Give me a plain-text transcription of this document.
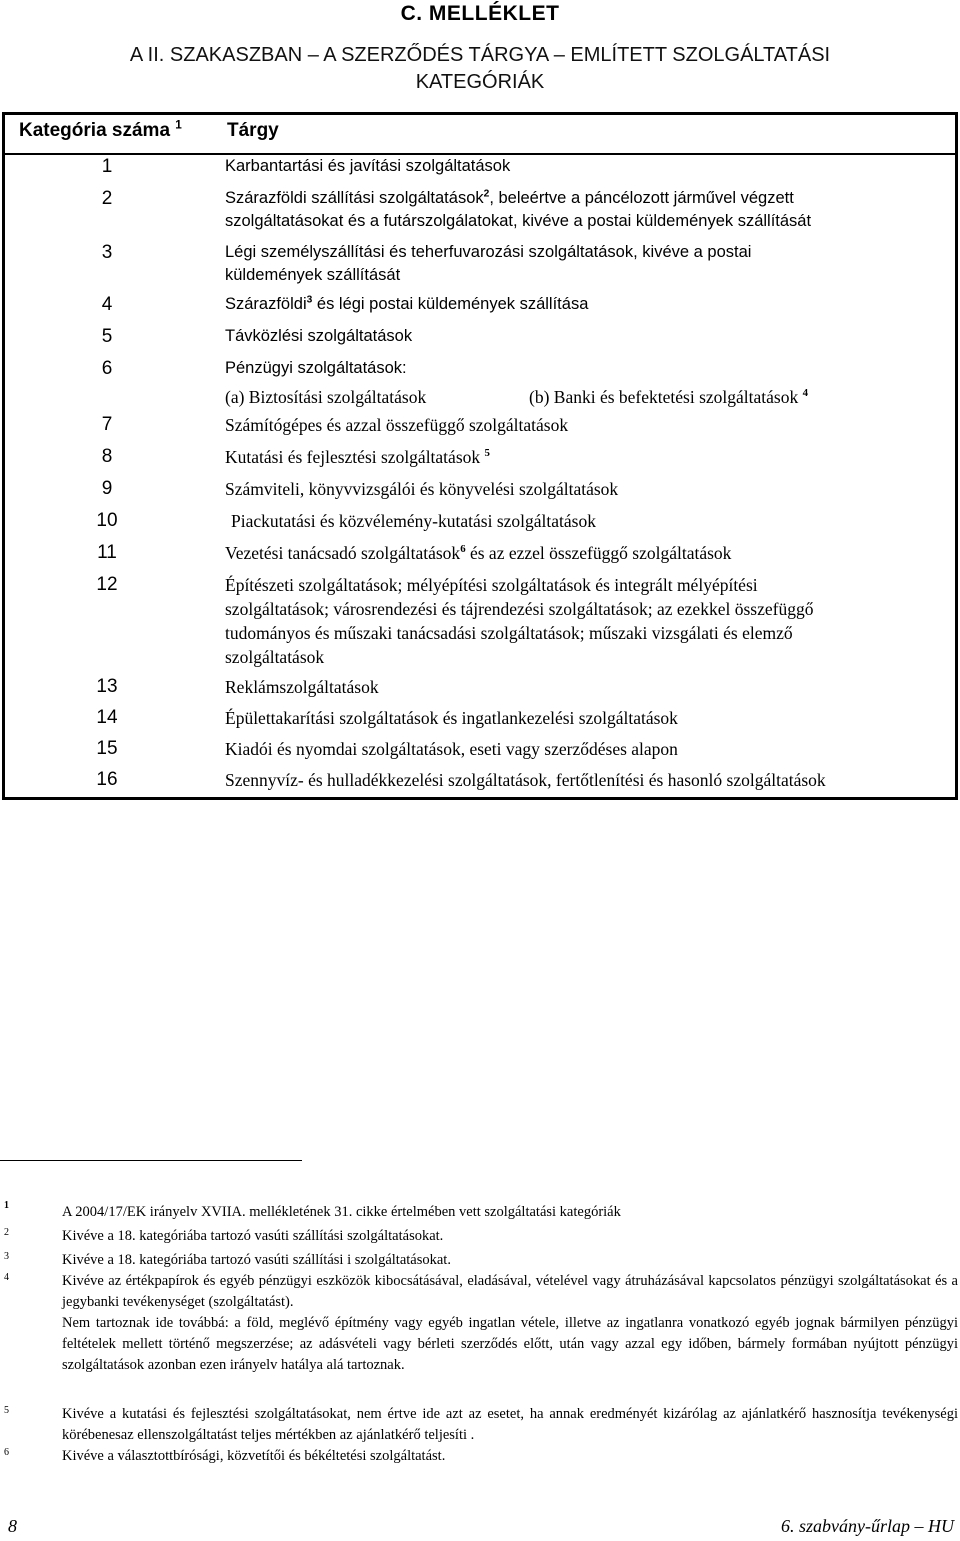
C. MELLÉKLET
A II. SZAKASZBAN – A SZERZŐDÉS TÁRGYA – EMLÍTETT SZOLGÁLTATÁSI
KATEGÓRIÁK
Kategória száma $^1$ Tárgy
1	Karbantartási és javítási szolgáltatások
2	Szárazföldi szállítási szolgáltatások$^2$, beleértve a páncélozott járművel végzett
szolgáltatásokat és a futárszolgálatokat, kivéve a postai küldemények szállítását
3	Légi személyszállítási és teherfuvarozási szolgáltatások, kivéve a postai
küldemények szállítását
4	Szárazföldi$^3$ és légi postai küldemények szállítása
5	Távközlési szolgáltatások
6	Pénzügyi szolgáltatások:
(a) Biztosítási szolgáltatások	(b) Banki és befektetési szolgáltatások $^4$
7	Számítógépes és azzal összefüggő szolgáltatások
8	Kutatási és fejlesztési szolgáltatások $^5$
9	Számviteli, könyvvizsgálói és könyvelési szolgáltatások
10	Piackutatási és közvélemény-kutatási szolgáltatások
11	Vezetési tanácsadó szolgáltatások$^6$ és az ezzel összefüggő szolgáltatások
12	Építészeti szolgáltatások; mélyépítési szolgáltatások és integrált mélyépítési
szolgáltatások; városrendezési és tájrendezési szolgáltatások; az ezekkel összefüggő
tudományos és műszaki tanácsadási szolgáltatások; műszaki vizsgálati és elemző
szolgáltatások
13	Reklámszolgáltatások
14	Épülettakarítási szolgáltatások és ingatlankezelési szolgáltatások
15	Kiadói és nyomdai szolgáltatások, eseti vagy szerződéses alapon
16	Szennyvíz- és hulladékkezelési szolgáltatások, fertőtlenítési és hasonló szolgáltatások
1	A 2004/17/EK irányelv XVIIA. mellékletének 31. cikke értelmében vett szolgáltatási kategóriák
2	Kivéve a 18. kategóriába tartozó vasúti szállítási szolgáltatásokat.
3	Kivéve a 18. kategóriába tartozó vasúti szállítási i szolgáltatásokat.
4	Kivéve az értékpapírok és egyéb pénzügyi eszközök kibocsátásával, eladásával, vételével vagy átruházásával kapcsolatos pénzügyi szolgáltatásokat és a jegybanki tevékenységet (szolgáltatást).
Nem tartoznak ide továbbá: a föld, meglévő építmény vagy egyéb ingatlan vétele, illetve az ingatlanra vonatkozó egyéb jognak bármilyen pénzügyi feltételek mellett történő megszerzése; az adásvételi vagy bérleti szerződés előtt, után vagy azzal egy időben, bármely formában nyújtott pénzügyi szolgáltatások azonban ezen irányelv hatálya alá tartoznak.
5	Kivéve a kutatási és fejlesztési szolgáltatásokat, nem értve ide azt az esetet, ha annak eredményét kizárólag az ajánlatkérő hasznosítja tevékenységi körébenesaz ellenszolgáltatást teljes mértékben az ajánlatkérő teljesíti .
6	Kivéve a választottbírósági, közvetítői és békéltetési szolgáltatást.
8	6. szabvány-űrlap – HU
